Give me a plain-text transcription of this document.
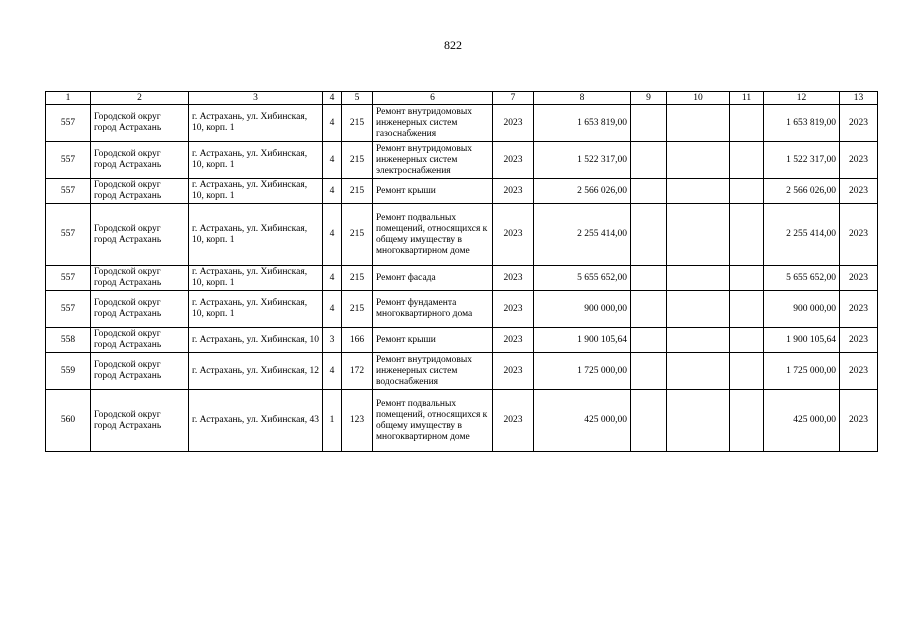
822
1	2	3	4	5	6	7	8	9	10	11	12	13
557	Городской округ город Астрахань	г. Астрахань, ул. Хибинская, 10, корп. 1	4	215	Ремонт внутридомовых инженерных систем газоснабжения	2023	1 653 819,00				1 653 819,00	2023
557	Городской округ город Астрахань	г. Астрахань, ул. Хибинская, 10, корп. 1	4	215	Ремонт внутридомовых инженерных систем электроснабжения	2023	1 522 317,00				1 522 317,00	2023
557	Городской округ город Астрахань	г. Астрахань, ул. Хибинская, 10, корп. 1	4	215	Ремонт крыши	2023	2 566 026,00				2 566 026,00	2023
557	Городской округ город Астрахань	г. Астрахань, ул. Хибинская, 10, корп. 1	4	215	Ремонт подвальных помещений, относящихся к общему имуществу в многоквартирном доме	2023	2 255 414,00				2 255 414,00	2023
557	Городской округ город Астрахань	г. Астрахань, ул. Хибинская, 10, корп. 1	4	215	Ремонт фасада	2023	5 655 652,00				5 655 652,00	2023
557	Городской округ город Астрахань	г. Астрахань, ул. Хибинская, 10, корп. 1	4	215	Ремонт фундамента многоквартирного дома	2023	900 000,00				900 000,00	2023
558	Городской округ город Астрахань	г. Астрахань, ул. Хибинская, 10	3	166	Ремонт крыши	2023	1 900 105,64				1 900 105,64	2023
559	Городской округ город Астрахань	г. Астрахань, ул. Хибинская, 12	4	172	Ремонт внутридомовых инженерных систем водоснабжения	2023	1 725 000,00				1 725 000,00	2023
560	Городской округ город Астрахань	г. Астрахань, ул. Хибинская, 43	1	123	Ремонт подвальных помещений, относящихся к общему имуществу в многоквартирном доме	2023	425 000,00				425 000,00	2023
